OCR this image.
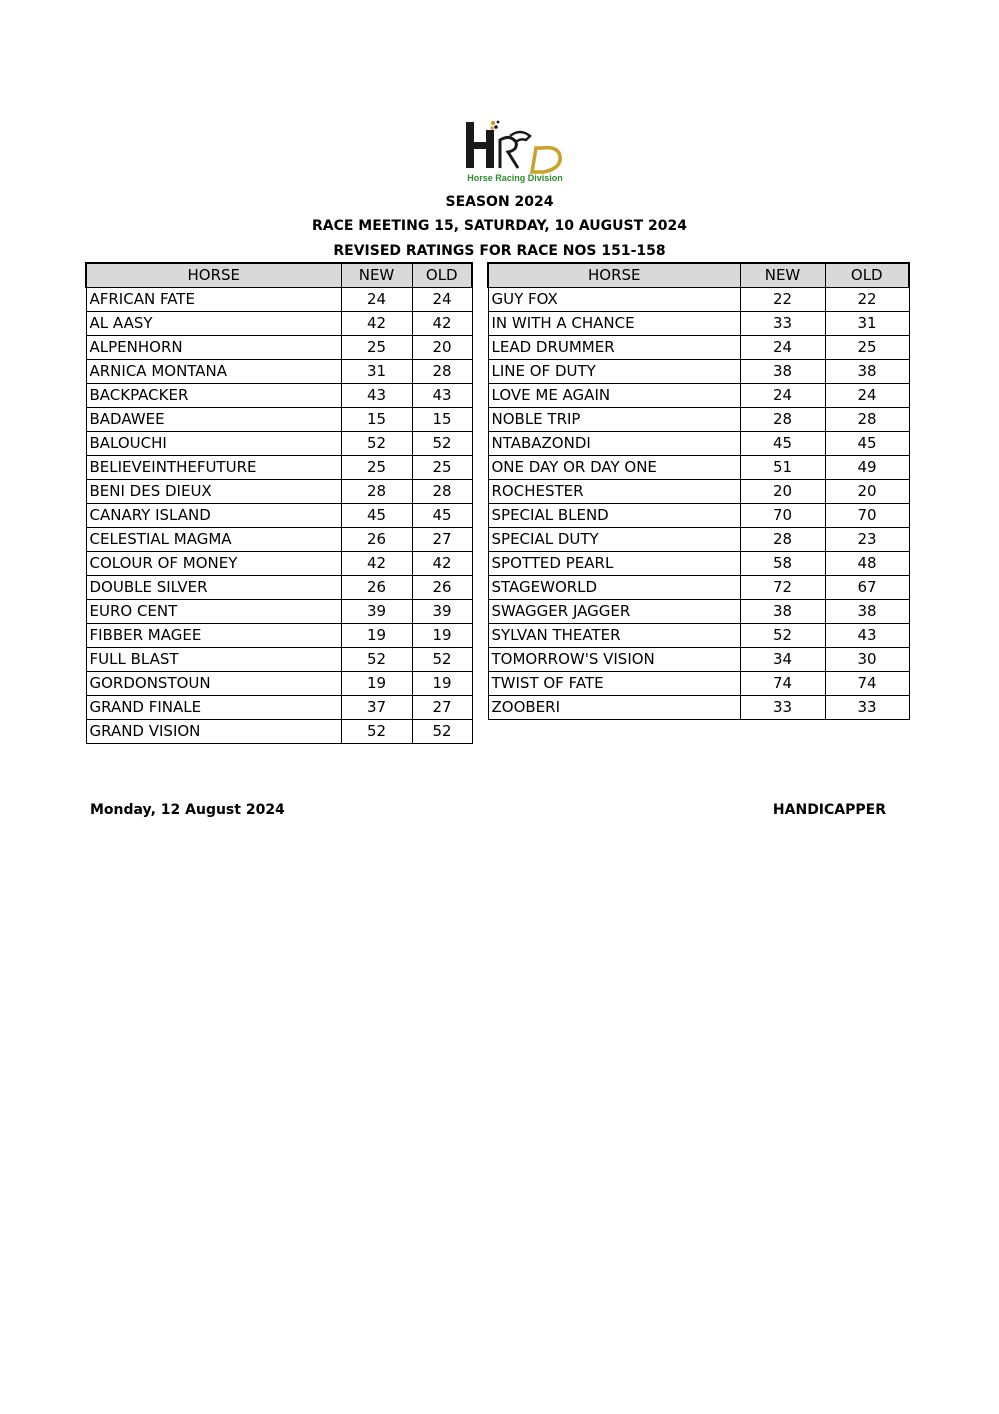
Horse Racing Division
SEASON 2024
RACE MEETING 15, SATURDAY, 10 AUGUST 2024
REVISED RATINGS FOR RACE NOS 151-158
HORSE	NEW	OLD
AFRICAN FATE	24	24
AL AASY	42	42
ALPENHORN	25	20
ARNICA MONTANA	31	28
BACKPACKER	43	43
BADAWEE	15	15
BALOUCHI	52	52
BELIEVEINTHEFUTURE	25	25
BENI DES DIEUX	28	28
CANARY ISLAND	45	45
CELESTIAL MAGMA	26	27
COLOUR OF MONEY	42	42
DOUBLE SILVER	26	26
EURO CENT	39	39
FIBBER MAGEE	19	19
FULL BLAST	52	52
GORDONSTOUN	19	19
GRAND FINALE	37	27
GRAND VISION	52	52
HORSE	NEW	OLD
GUY FOX	22	22
IN WITH A CHANCE	33	31
LEAD DRUMMER	24	25
LINE OF DUTY	38	38
LOVE ME AGAIN	24	24
NOBLE TRIP	28	28
NTABAZONDI	45	45
ONE DAY OR DAY ONE	51	49
ROCHESTER	20	20
SPECIAL BLEND	70	70
SPECIAL DUTY	28	23
SPOTTED PEARL	58	48
STAGEWORLD	72	67
SWAGGER JAGGER	38	38
SYLVAN THEATER	52	43
TOMORROW'S VISION	34	30
TWIST OF FATE	74	74
ZOOBERI	33	33
Monday, 12 August 2024	HANDICAPPER
